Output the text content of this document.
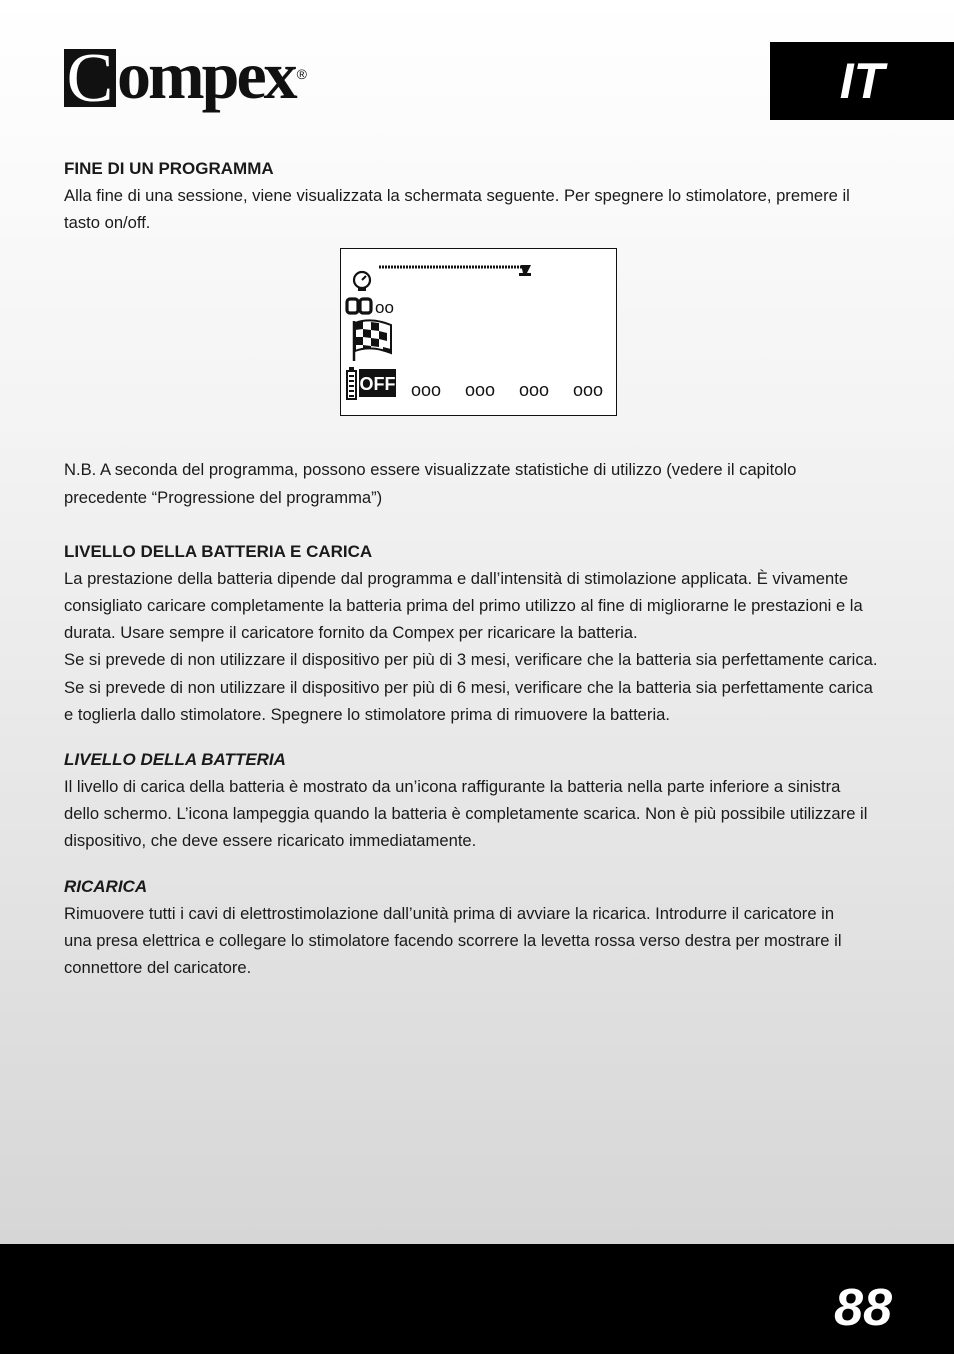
C ompex ®	IT

FINE DI UN PROGRAMMA

Alla fine di una sessione, viene visualizzata la schermata seguente. Per spegnere lo stimolatore, premere il

tasto on/off.

OFF
oo
ooo ooo ooo ooo

N.B. A seconda del programma, possono essere visualizzate statistiche di utilizzo (vedere il capitolo

precedente “Progressione del programma”)

LIVELLO DELLA BATTERIA E CARICA

La prestazione della batteria dipende dal programma e dall’intensità di stimolazione applicata. È vivamente

consigliato caricare completamente la batteria prima del primo utilizzo al fine di migliorarne le prestazioni e la

durata. Usare sempre il caricatore fornito da Compex per ricaricare la batteria.

Se si prevede di non utilizzare il dispositivo per più di 3 mesi, verificare che la batteria sia perfettamente carica.

Se si prevede di non utilizzare il dispositivo per più di 6 mesi, verificare che la batteria sia perfettamente carica

e toglierla dallo stimolatore. Spegnere lo stimolatore prima di rimuovere la batteria.

LIVELLO DELLA BATTERIA

Il livello di carica della batteria è mostrato da un’icona raffigurante la batteria nella parte inferiore a sinistra

dello schermo. L’icona lampeggia quando la batteria è completamente scarica. Non è più possibile utilizzare il

dispositivo, che deve essere ricaricato immediatamente.

RICARICA

Rimuovere tutti i cavi di elettrostimolazione dall’unità prima di avviare la ricarica. Introdurre il caricatore in

una presa elettrica e collegare lo stimolatore facendo scorrere la levetta rossa verso destra per mostrare il

connettore del caricatore.

88
